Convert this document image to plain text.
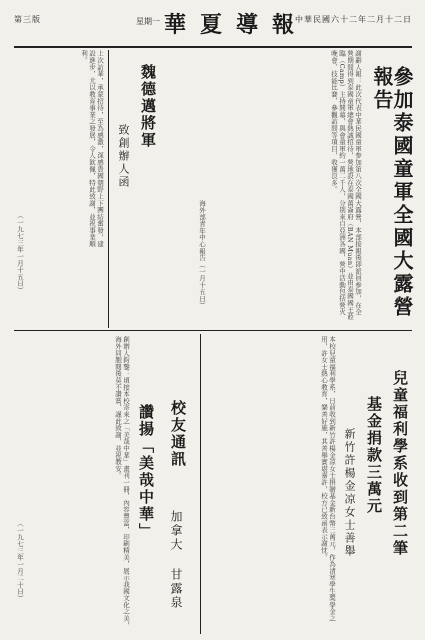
第三版	星期一 華夏導報
中華民國六十二年二月十二日
參加泰國童軍全國大露營報告
謝辭人報：此次代表中華民國童軍参加第八次全國大露營，本部接報後即派員参加，在全營期間得到泰國童軍總會熱誠招待，營地設在泰國萬崙府（BAN Muan）並由泰國國王蒞臨（Camp）主持開幕，與會童軍約一萬二千人，分别來自亞洲各國，營中活動包括營火晚會、技能比賽、參觀訪問等項目，收獲良多。
海外部青年中心報告（一月十五日）
魏德邁將軍
致創辦人函
上次訪華，承蒙招待，至為感激，深感貴國朝野上下團結奮發，建設進步，尤以教育事業之發展，令人欽佩，特此致謝，並祝事業順利。
（一九七三年一月十五日）
兒童福利學系收到第二筆
基金捐款三萬元
新竹許楊金凉女士善舉
本校兒童福利學系，日前收到新竹許楊金凉女士捐贈基金新台幣三萬元，作為清寒學生獎學金之用，許女士熱心教育，樂善好施，其善舉實堪嘉許，校方已致函表示謝忱。
校友通訊
讚揚「美哉中華」
加拿大 甘露泉
創辦人鈞鑒：頃接本校寄來之「美哉中華」畫刊一冊，內容豐富，印刷精美，展示我國文化之美，海外同胞閱後莫不讚賞，謹此致謝，並祝教安。
（一九七三年一月二十日）
